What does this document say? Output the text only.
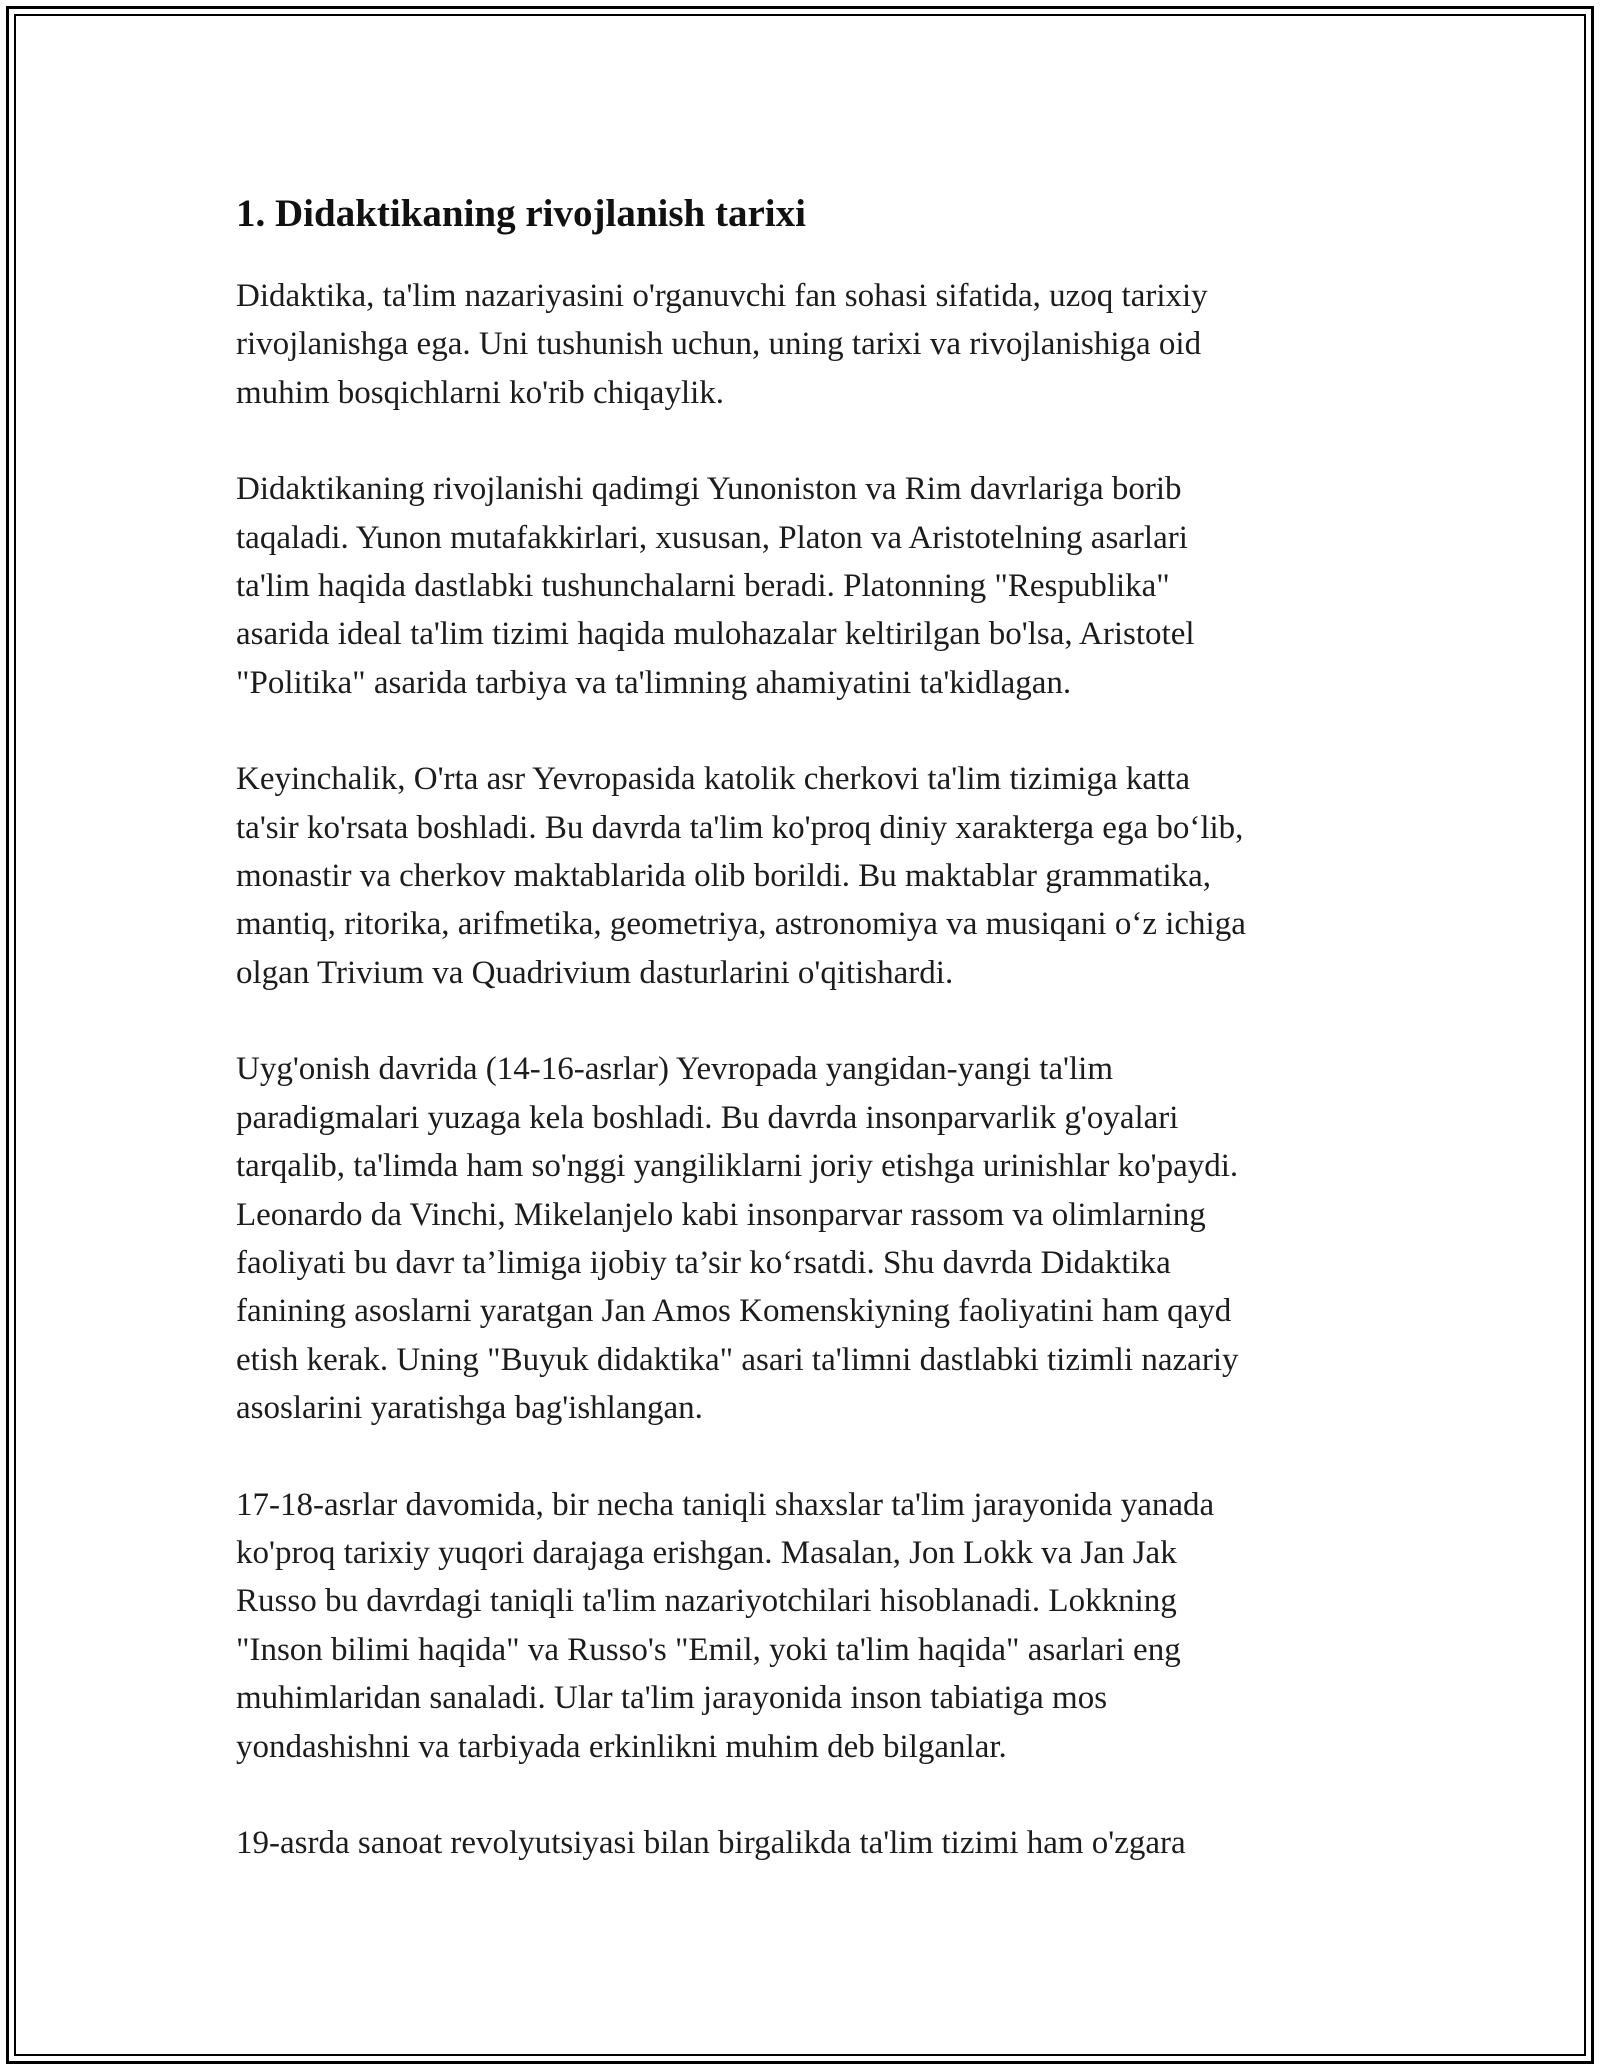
1. Didaktikaning rivojlanish tarixi

Didaktika, ta'lim nazariyasini o'rganuvchi fan sohasi sifatida, uzoq tarixiy
rivojlanishga ega. Uni tushunish uchun, uning tarixi va rivojlanishiga oid
muhim bosqichlarni ko'rib chiqaylik.

Didaktikaning rivojlanishi qadimgi Yunoniston va Rim davrlariga borib
taqaladi. Yunon mutafakkirlari, xususan, Platon va Aristotelning asarlari
ta'lim haqida dastlabki tushunchalarni beradi. Platonning "Respublika"
asarida ideal ta'lim tizimi haqida mulohazalar keltirilgan bo'lsa, Aristotel
"Politika" asarida tarbiya va ta'limning ahamiyatini ta'kidlagan.

Keyinchalik, O'rta asr Yevropasida katolik cherkovi ta'lim tizimiga katta
ta'sir ko'rsata boshladi. Bu davrda ta'lim ko'proq diniy xarakterga ega bo‘lib,
monastir va cherkov maktablarida olib borildi. Bu maktablar grammatika,
mantiq, ritorika, arifmetika, geometriya, astronomiya va musiqani o‘z ichiga
olgan Trivium va Quadrivium dasturlarini o'qitishardi.

Uyg'onish davrida (14-16-asrlar) Yevropada yangidan-yangi ta'lim
paradigmalari yuzaga kela boshladi. Bu davrda insonparvarlik g'oyalari
tarqalib, ta'limda ham so'nggi yangiliklarni joriy etishga urinishlar ko'paydi.
Leonardo da Vinchi, Mikelanjelo kabi insonparvar rassom va olimlarning
faoliyati bu davr ta’limiga ijobiy ta’sir ko‘rsatdi. Shu davrda Didaktika
fanining asoslarni yaratgan Jan Amos Komenskiyning faoliyatini ham qayd
etish kerak. Uning "Buyuk didaktika" asari ta'limni dastlabki tizimli nazariy
asoslarini yaratishga bag'ishlangan.

17-18-asrlar davomida, bir necha taniqli shaxslar ta'lim jarayonida yanada
ko'proq tarixiy yuqori darajaga erishgan. Masalan, Jon Lokk va Jan Jak
Russo bu davrdagi taniqli ta'lim nazariyotchilari hisoblanadi. Lokkning
"Inson bilimi haqida" va Russo's "Emil, yoki ta'lim haqida" asarlari eng
muhimlaridan sanaladi. Ular ta'lim jarayonida inson tabiatiga mos
yondashishni va tarbiyada erkinlikni muhim deb bilganlar.

19-asrda sanoat revolyutsiyasi bilan birgalikda ta'lim tizimi ham o'zgara
